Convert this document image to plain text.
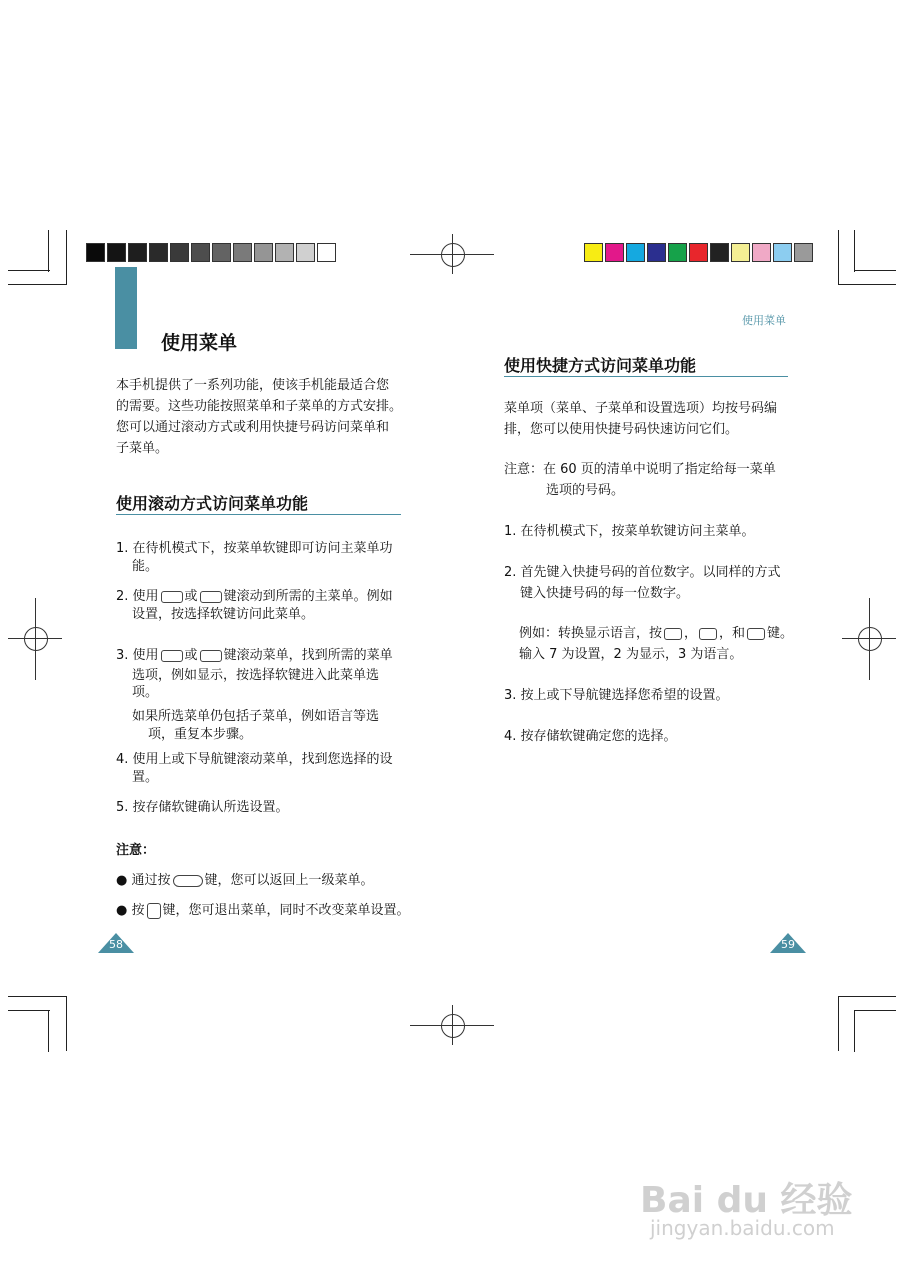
使用菜单
本手机提供了一系列功能，使该手机能最适合您
的需要。这些功能按照菜单和子菜单的方式安排。
您可以通过滚动方式或利用快捷号码访问菜单和
子菜单。
使用滚动方式访问菜单功能
1. 在待机模式下，按菜单软键即可访问主菜单功
能。
2. 使用 或 键滚动到所需的主菜单。例如
设置，按选择软键访问此菜单。
3. 使用 或 键滚动菜单，找到所需的菜单
选项，例如显示，按选择软键进入此菜单选
项。
如果所选菜单仍包括子菜单，例如语言等选
项，重复本步骤。
4. 使用上或下导航键滚动菜单，找到您选择的设
置。
5. 按存储软键确认所选设置。
注意：
● 通过按	键，您可以返回上一级菜单。
● 按 键，您可退出菜单，同时不改变菜单设置。
58
使用菜单
使用快捷方式访问菜单功能
菜单项（菜单、子菜单和设置选项）均按号码编
排，您可以使用快捷号码快速访问它们。
注意：在 60 页的清单中说明了指定给每一菜单
选项的号码。
1. 在待机模式下，按菜单软键访问主菜单。
2. 首先键入快捷号码的首位数字。以同样的方式
键入快捷号码的每一位数字。
例如：转换显示语言，按 ， ，和 键。
输入 7 为设置，2 为显示，3 为语言。
3. 按上或下导航键选择您希望的设置。
4. 按存储软键确定您的选择。
59
Bai du 经验
jingyan.baidu.com
